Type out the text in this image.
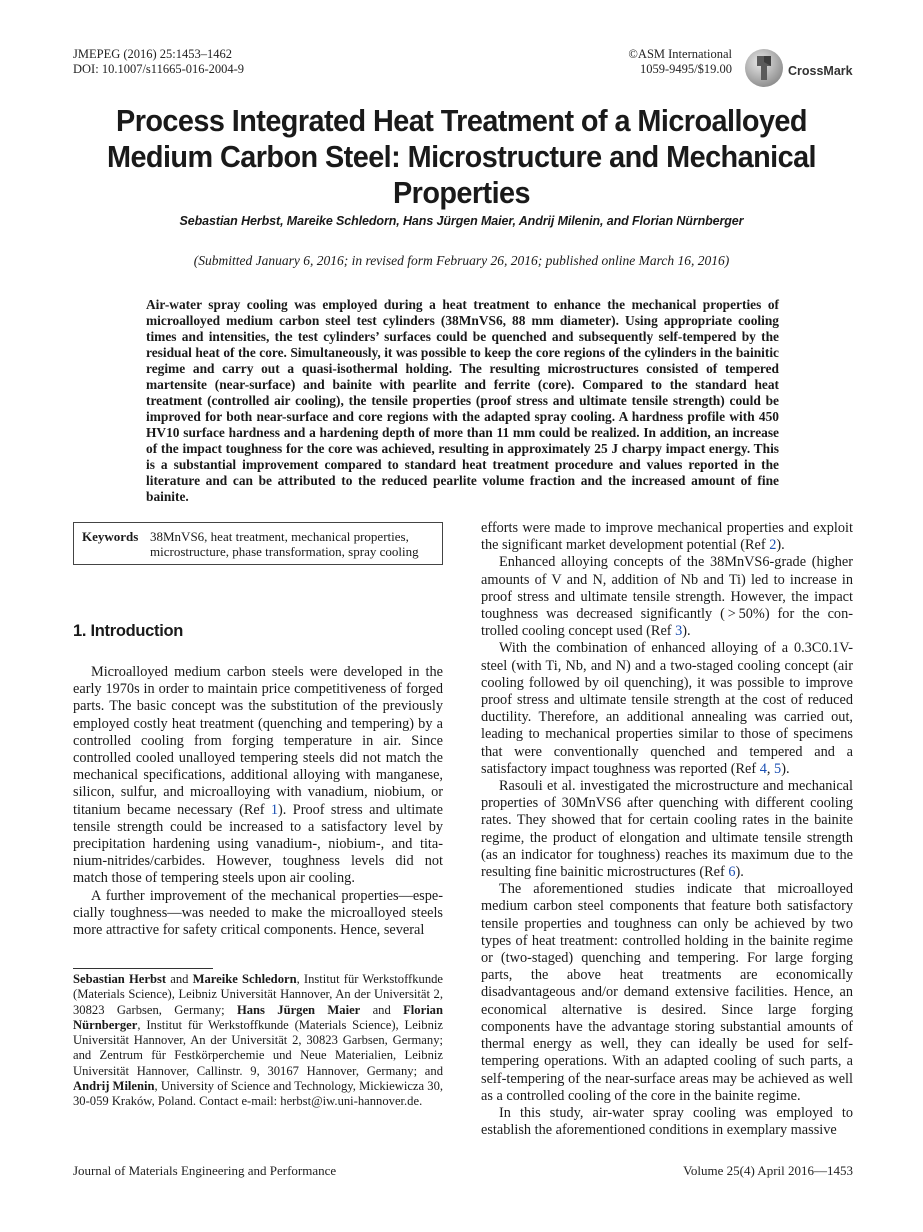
JMEPEG (2016) 25:1453–1462
DOI: 10.1007/s11665-016-2004-9
©ASM International
1059-9495/$19.00	CrossMark
Process Integrated Heat Treatment of a Microalloyed Medium Carbon Steel: Microstructure and Mechanical Properties
Sebastian Herbst, Mareike Schledorn, Hans Jürgen Maier, Andrij Milenin, and Florian Nürnberger
(Submitted January 6, 2016; in revised form February 26, 2016; published online March 16, 2016)
Air-water spray cooling was employed during a heat treatment to enhance the mechanical properties of microalloyed medium carbon steel test cylinders (38MnVS6, 88 mm diameter). Using appropriate cooling times and intensities, the test cylinders’ surfaces could be quenched and subsequently self-tempered by the residual heat of the core. Simultaneously, it was possible to keep the core regions of the cylinders in the bainitic regime and carry out a quasi-isothermal holding. The resulting microstructures consisted of tempered martensite (near-surface) and bainite with pearlite and ferrite (core). Compared to the standard heat treatment (controlled air cooling), the tensile properties (proof stress and ultimate tensile strength) could be improved for both near-surface and core regions with the adapted spray cooling. A hardness profile with 450 HV10 surface hardness and a hardening depth of more than 11 mm could be realized. In addition, an increase of the impact toughness for the core was achieved, resulting in approximately 25 J charpy impact energy. This is a substantial improvement compared to standard heat treatment procedure and values reported in the literature and can be attributed to the reduced pearlite volume fraction and the increased amount of fine bainite.
Keywords 38MnVS6, heat treatment, mechanical properties, microstructure, phase transformation, spray cooling
1. Introduction

Microalloyed medium carbon steels were developed in the early 1970s in order to maintain price competitiveness of forged parts. The basic concept was the substitution of the previously employed costly heat treatment (quenching and tempering) by a controlled cooling from forging temperature in air. Since controlled cooled unalloyed tempering steels did not match the mechanical specifications, additional alloying with manganese, silicon, sulfur, and microalloying with vanadium, niobium, or titanium became necessary (Ref 1). Proof stress and ultimate tensile strength could be increased to a satisfactory level by precipitation hardening using vanadium-, niobium-, and tita-nium-nitrides/carbides. However, toughness levels did not match those of tempering steels upon air cooling.

A further improvement of the mechanical properties—espe-cially toughness—was needed to make the microalloyed steels more attractive for safety critical components. Hence, several

Sebastian Herbst and Mareike Schledorn, Institut für Werkstoffkunde (Materials Science), Leibniz Universität Hannover, An der Universität 2, 30823 Garbsen, Germany; Hans Jürgen Maier and Florian Nürnberger, Institut für Werkstoffkunde (Materials Science), Leibniz Universität Hannover, An der Universität 2, 30823 Garbsen, Germany; and Zentrum für Festkörperchemie und Neue Materialien, Leibniz Universität Hannover, Callinstr. 9, 30167 Hannover, Germany; and Andrij Milenin, University of Science and Technology, Mickiewicza 30, 30-059 Kraków, Poland. Contact e-mail: herbst@iw.uni-hannover.de.

efforts were made to improve mechanical properties and exploit the significant market development potential (Ref 2).

Enhanced alloying concepts of the 38MnVS6-grade (higher amounts of V and N, addition of Nb and Ti) led to increase in proof stress and ultimate tensile strength. However, the impact toughness was decreased significantly ( > 50%) for the con-trolled cooling concept used (Ref 3).

With the combination of enhanced alloying of a 0.3C0.1V-steel (with Ti, Nb, and N) and a two-staged cooling concept (air cooling followed by oil quenching), it was possible to improve proof stress and ultimate tensile strength at the cost of reduced ductility. Therefore, an additional annealing was carried out, leading to mechanical properties similar to those of specimens that were conventionally quenched and tempered and a satisfactory impact toughness was reported (Ref 4, 5).

Rasouli et al. investigated the microstructure and mechanical properties of 30MnVS6 after quenching with different cooling rates. They showed that for certain cooling rates in the bainite regime, the product of elongation and ultimate tensile strength (as an indicator for toughness) reaches its maximum due to the resulting fine bainitic microstructures (Ref 6).

The aforementioned studies indicate that microalloyed medium carbon steel components that feature both satisfactory tensile properties and toughness can only be achieved by two types of heat treatment: controlled holding in the bainite regime or (two-staged) quenching and tempering. For large forging parts, the above heat treatments are economically disadvantageous and/or demand extensive facilities. Hence, an economical alternative is desired. Since large forging components have the advantage storing substantial amounts of thermal energy as well, they can ideally be used for self-tempering operations. With an adapted cooling of such parts, a self-tempering of the near-surface areas may be achieved as well as a controlled cooling of the core in the bainite regime.

In this study, air-water spray cooling was employed to establish the aforementioned conditions in exemplary massive

Journal of Materials Engineering and Performance	Volume 25(4) April 2016—1453
